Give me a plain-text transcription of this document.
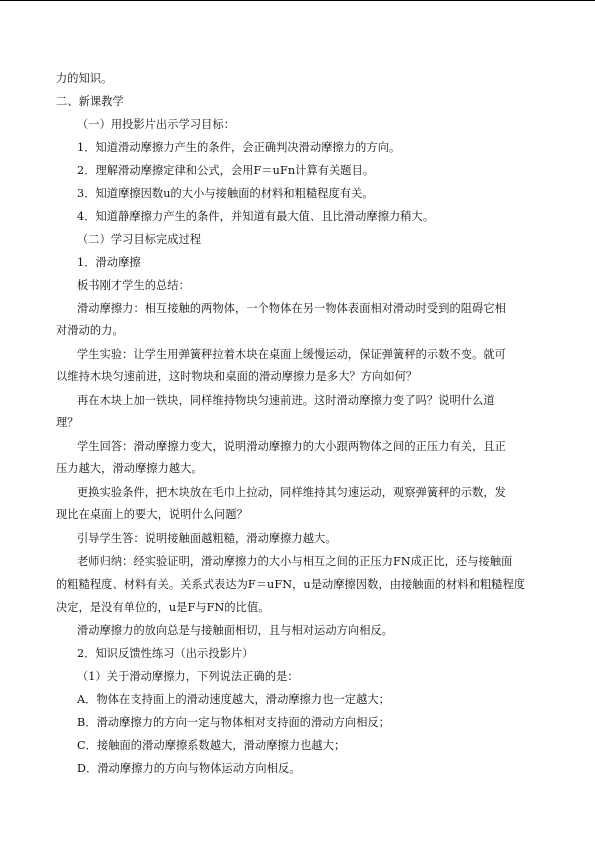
力的知识。
二、新课教学
（一）用投影片出示学习目标：
1．知道滑动摩擦力产生的条件，会正确判决滑动摩擦力的方向。
2．理解滑动摩擦定律和公式，会用F＝uFn计算有关题目。
3．知道摩擦因数u的大小与接触面的材料和粗糙程度有关。
4．知道静摩擦力产生的条件，并知道有最大值、且比滑动摩擦力稍大。
（二）学习目标完成过程
1．滑动摩擦
板书刚才学生的总结：
滑动摩擦力：相互接触的两物体，一个物体在另一物体表面相对滑动时受到的阻碍它相
对滑动的力。
学生实验：让学生用弹簧秤拉着木块在桌面上缓慢运动，保证弹簧秤的示数不变。就可
以维持木块匀速前进，这时物块和桌面的滑动摩擦力是多大？方向如何？
再在木块上加一铁块，同样维持物块匀速前进。这时滑动摩擦力变了吗？说明什么道
理？
学生回答：滑动摩擦力变大，说明滑动摩擦力的大小跟两物体之间的正压力有关，且正
压力越大，滑动摩擦力越大。
更换实验条件，把木块放在毛巾上拉动，同样维持其匀速运动，观察弹簧秤的示数，发
现比在桌面上的要大，说明什么问题？
引导学生答：说明接触面越粗糙，滑动摩擦力越大。
老师归纳：经实验证明，滑动摩擦力的大小与相互之间的正压力FN成正比，还与接触面
的粗糙程度、材料有关。关系式表达为F＝uFN，u是动摩擦因数，由接触面的材料和粗糙程度
决定，是没有单位的，u是F与FN的比值。
滑动摩擦力的放向总是与接触面相切，且与相对运动方向相反。
2．知识反馈性练习（出示投影片）
（1）关于滑动摩擦力，下列说法正确的是：
A．物体在支持面上的滑动速度越大，滑动摩擦力也一定越大；
B．滑动摩擦力的方向一定与物体相对支持面的滑动方向相反；
C．接触面的滑动摩擦系数越大，滑动摩擦力也越大；
D．滑动摩擦力的方向与物体运动方向相反。
